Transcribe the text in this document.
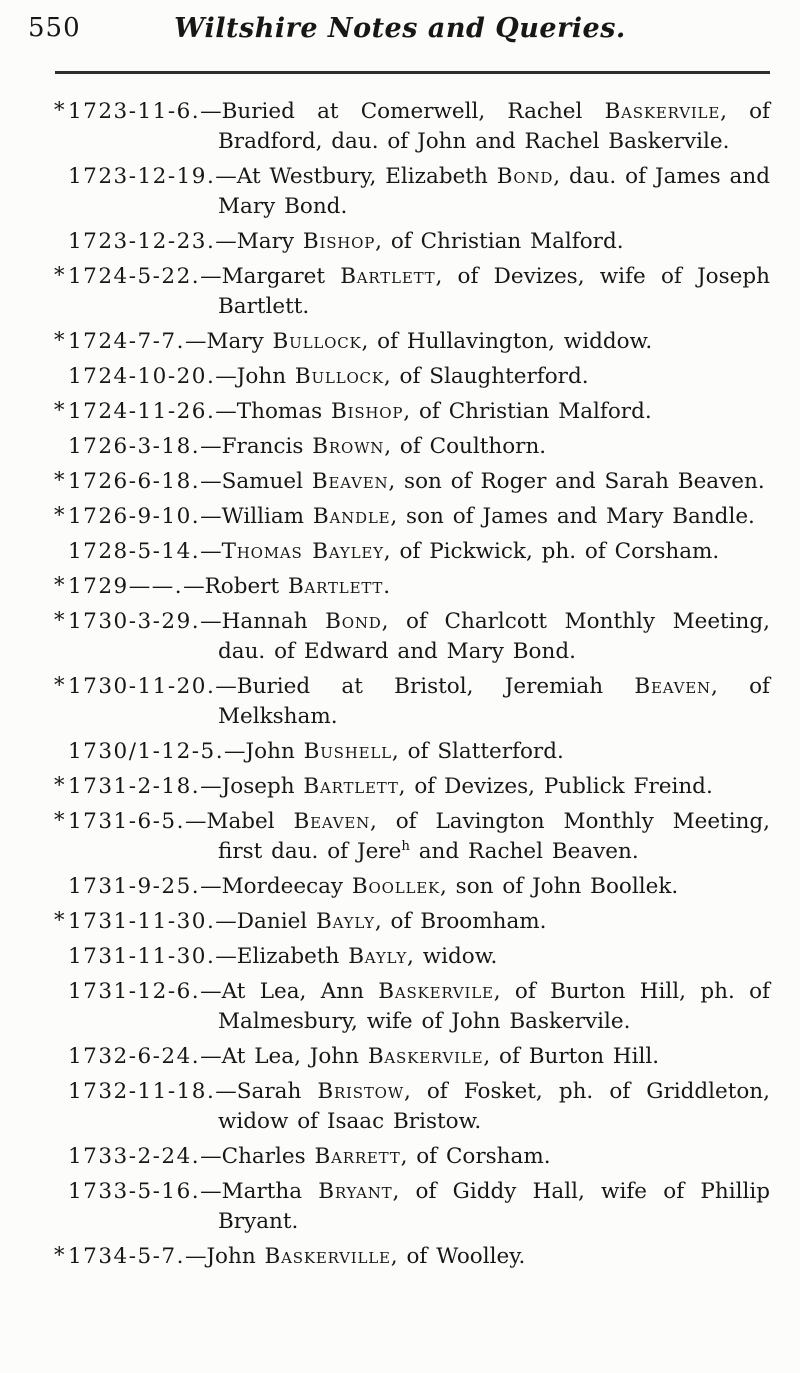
550	Wiltshire Notes and Queries.
* 1723-11-6.—Buried at Comerwell, Rachel Baskervile, of Bradford, dau. of John and Rachel Baskervile.
1723-12-19.—At Westbury, Elizabeth Bond, dau. of James and Mary Bond.
1723-12-23.—Mary Bishop, of Christian Malford.
* 1724-5-22.—Margaret Bartlett, of Devizes, wife of Joseph Bartlett.
* 1724-7-7.—Mary Bullock, of Hullavington, widdow.
1724-10-20.—John Bullock, of Slaughterford.
* 1724-11-26.—Thomas Bishop, of Christian Malford.
1726-3-18.—Francis Brown, of Coulthorn.
* 1726-6-18.—Samuel Beaven, son of Roger and Sarah Beaven.
* 1726-9-10.—William Bandle, son of James and Mary Bandle.
1728-5-14.—Thomas Bayley, of Pickwick, ph. of Corsham.
* 1729——.—Robert Bartlett.
* 1730-3-29.—Hannah Bond, of Charlcott Monthly Meeting, dau. of Edward and Mary Bond.
* 1730-11-20.—Buried at Bristol, Jeremiah Beaven, of Melksham.
1730/1-12-5.—John Bushell, of Slatterford.
* 1731-2-18.—Joseph Bartlett, of Devizes, Publick Freind.
* 1731-6-5.—Mabel Beaven, of Lavington Monthly Meeting, first dau. of Jere$^h$ and Rachel Beaven.
1731-9-25.—Mordeecay Boollek, son of John Boollek.
* 1731-11-30.—Daniel Bayly, of Broomham.
1731-11-30.—Elizabeth Bayly, widow.
1731-12-6.—At Lea, Ann Baskervile, of Burton Hill, ph. of Malmesbury, wife of John Baskervile.
1732-6-24.—At Lea, John Baskervile, of Burton Hill.
1732-11-18.—Sarah Bristow, of Fosket, ph. of Griddleton, widow of Isaac Bristow.
1733-2-24.—Charles Barrett, of Corsham.
1733-5-16.—Martha Bryant, of Giddy Hall, wife of Phillip Bryant.
* 1734-5-7.—John Baskerville, of Woolley.
